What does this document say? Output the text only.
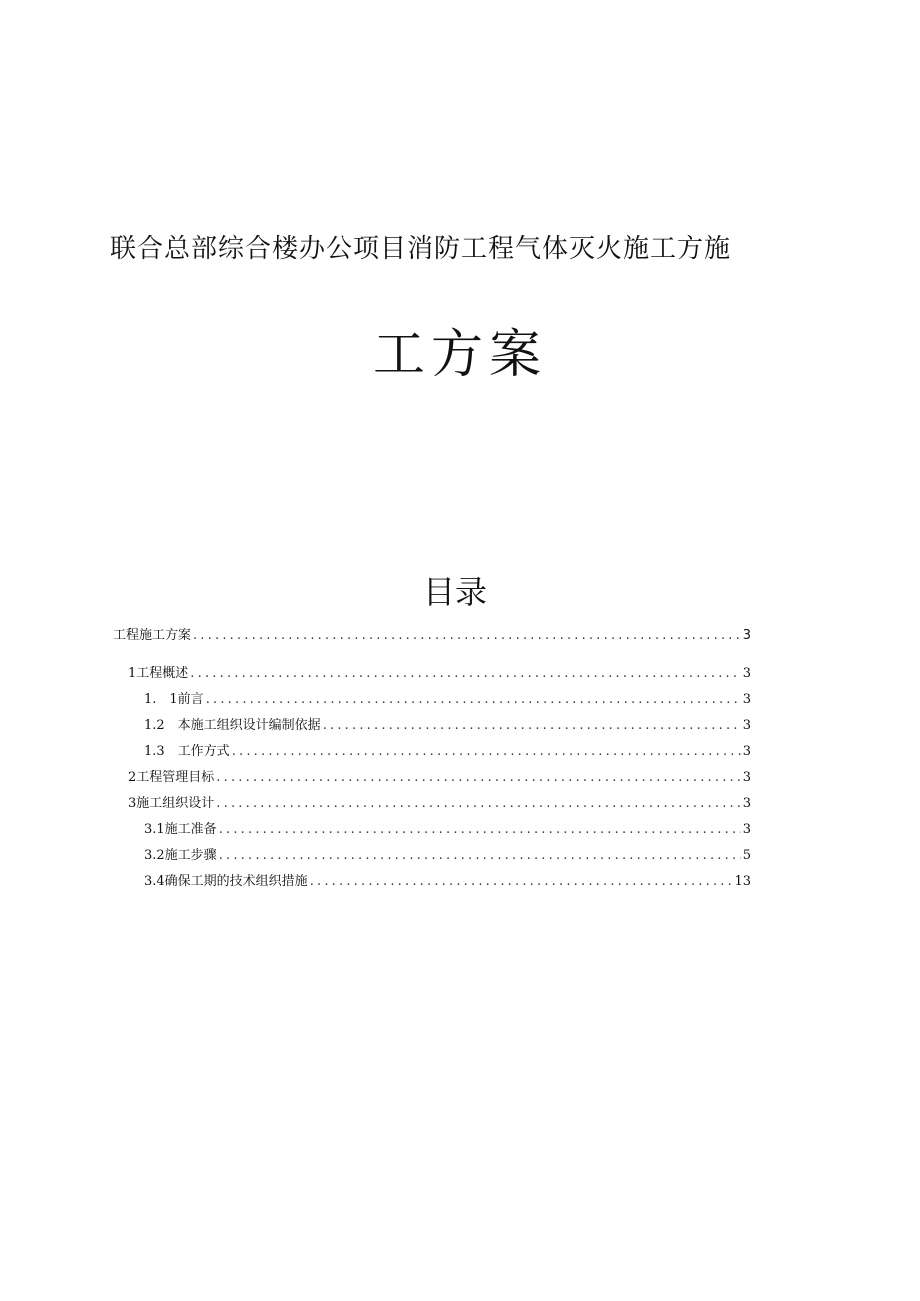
联合总部综合楼办公项目消防工程气体灭火施工方施
工方案
目录
工程施工方案 .....	3
1工程概述 .....	3
1.　1前言 .....	3
1.2　本施工组织设计编制依据 .....	3
1.3　工作方式 .....	3
2工程管理目标 .....	3
3施工组织设计 .....	3
3.1施工准备 .....	3
3.2施工步骤 .....	5
3.4确保工期的技术组织措施 .....	13
